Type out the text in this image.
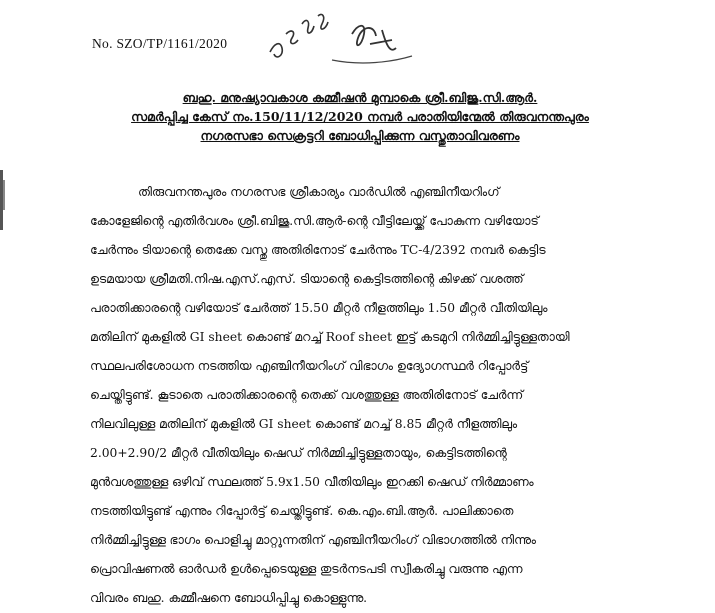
No. SZO/TP/1161/2020
ബഹു. മനുഷ്യാവകാശ കമ്മീഷൻ മുമ്പാകെ ശ്രീ.ബിജു.സി.ആർ.
സമർപ്പിച്ച കേസ് നം.150/11/12/2020 നമ്പർ പരാതിയിന്മേൽ തിരുവനന്തപുരം
നഗരസഭാ സെക്രട്ടറി ബോധിപ്പിക്കുന്ന വസ്തുതാവിവരണം
തിരുവനന്തപുരം നഗരസഭ ശ്രീകാര്യം വാർഡിൽ എഞ്ചിനീയറിംഗ്
കോളേജിന്റെ എതിർവശം ശ്രീ.ബിജു.സി.ആർ-ന്റെ വീട്ടിലേയ്ക്ക് പോകുന്ന വഴിയോട്
ചേർന്നും ടിയാന്റെ തെക്കേ വസ്തു അതിരിനോട് ചേർന്നും TC-4/2392 നമ്പർ കെട്ടിട
ഉടമയായ ശ്രീമതി.നിഷ.എസ്.എസ്. ടിയാന്റെ കെട്ടിടത്തിന്റെ കിഴക്ക് വശത്ത്
പരാതിക്കാരന്റെ വഴിയോട് ചേർത്ത് 15.50 മീറ്റർ നീളത്തിലും 1.50 മീറ്റർ വീതിയിലും
മതിലിന് മുകളിൽ GI sheet കൊണ്ട് മറച്ച് Roof sheet ഇട്ട് കടമുറി നിർമ്മിച്ചിട്ടുള്ളതായി
സ്ഥലപരിശോധന നടത്തിയ എഞ്ചിനീയറിംഗ് വിഭാഗം ഉദ്യോഗസ്ഥർ റിപ്പോർട്ട്
ചെയ്തിട്ടുണ്ട്. കൂടാതെ പരാതിക്കാരന്റെ തെക്ക് വശത്തുള്ള അതിരിനോട് ചേർന്ന്
നിലവിലുള്ള മതിലിന് മുകളിൽ GI sheet കൊണ്ട് മറച്ച് 8.85 മീറ്റർ നീളത്തിലും
2.00+2.90/2 മീറ്റർ വീതിയിലും ഷെഡ് നിർമ്മിച്ചിട്ടുള്ളതായും, കെട്ടിടത്തിന്റെ
മുൻവശത്തുള്ള ഒഴിവ് സ്ഥലത്ത് 5.9x1.50 വീതിയിലും ഇറക്കി ഷെഡ് നിർമ്മാണം
നടത്തിയിട്ടുണ്ട് എന്നും റിപ്പോർട്ട് ചെയ്തിട്ടുണ്ട്. കെ.എം.ബി.ആർ. പാലിക്കാതെ
നിർമ്മിച്ചിട്ടുള്ള ഭാഗം പൊളിച്ചു മാറ്റുന്നതിന് എഞ്ചിനീയറിംഗ് വിഭാഗത്തിൽ നിന്നും
പ്രൊവിഷണൽ ഓർഡർ ഉൾപ്പെടെയുള്ള തുടർനടപടി സ്വീകരിച്ചു വരുന്നു എന്ന
വിവരം ബഹു. കമ്മീഷനെ ബോധിപ്പിച്ചു കൊള്ളുന്നു.
